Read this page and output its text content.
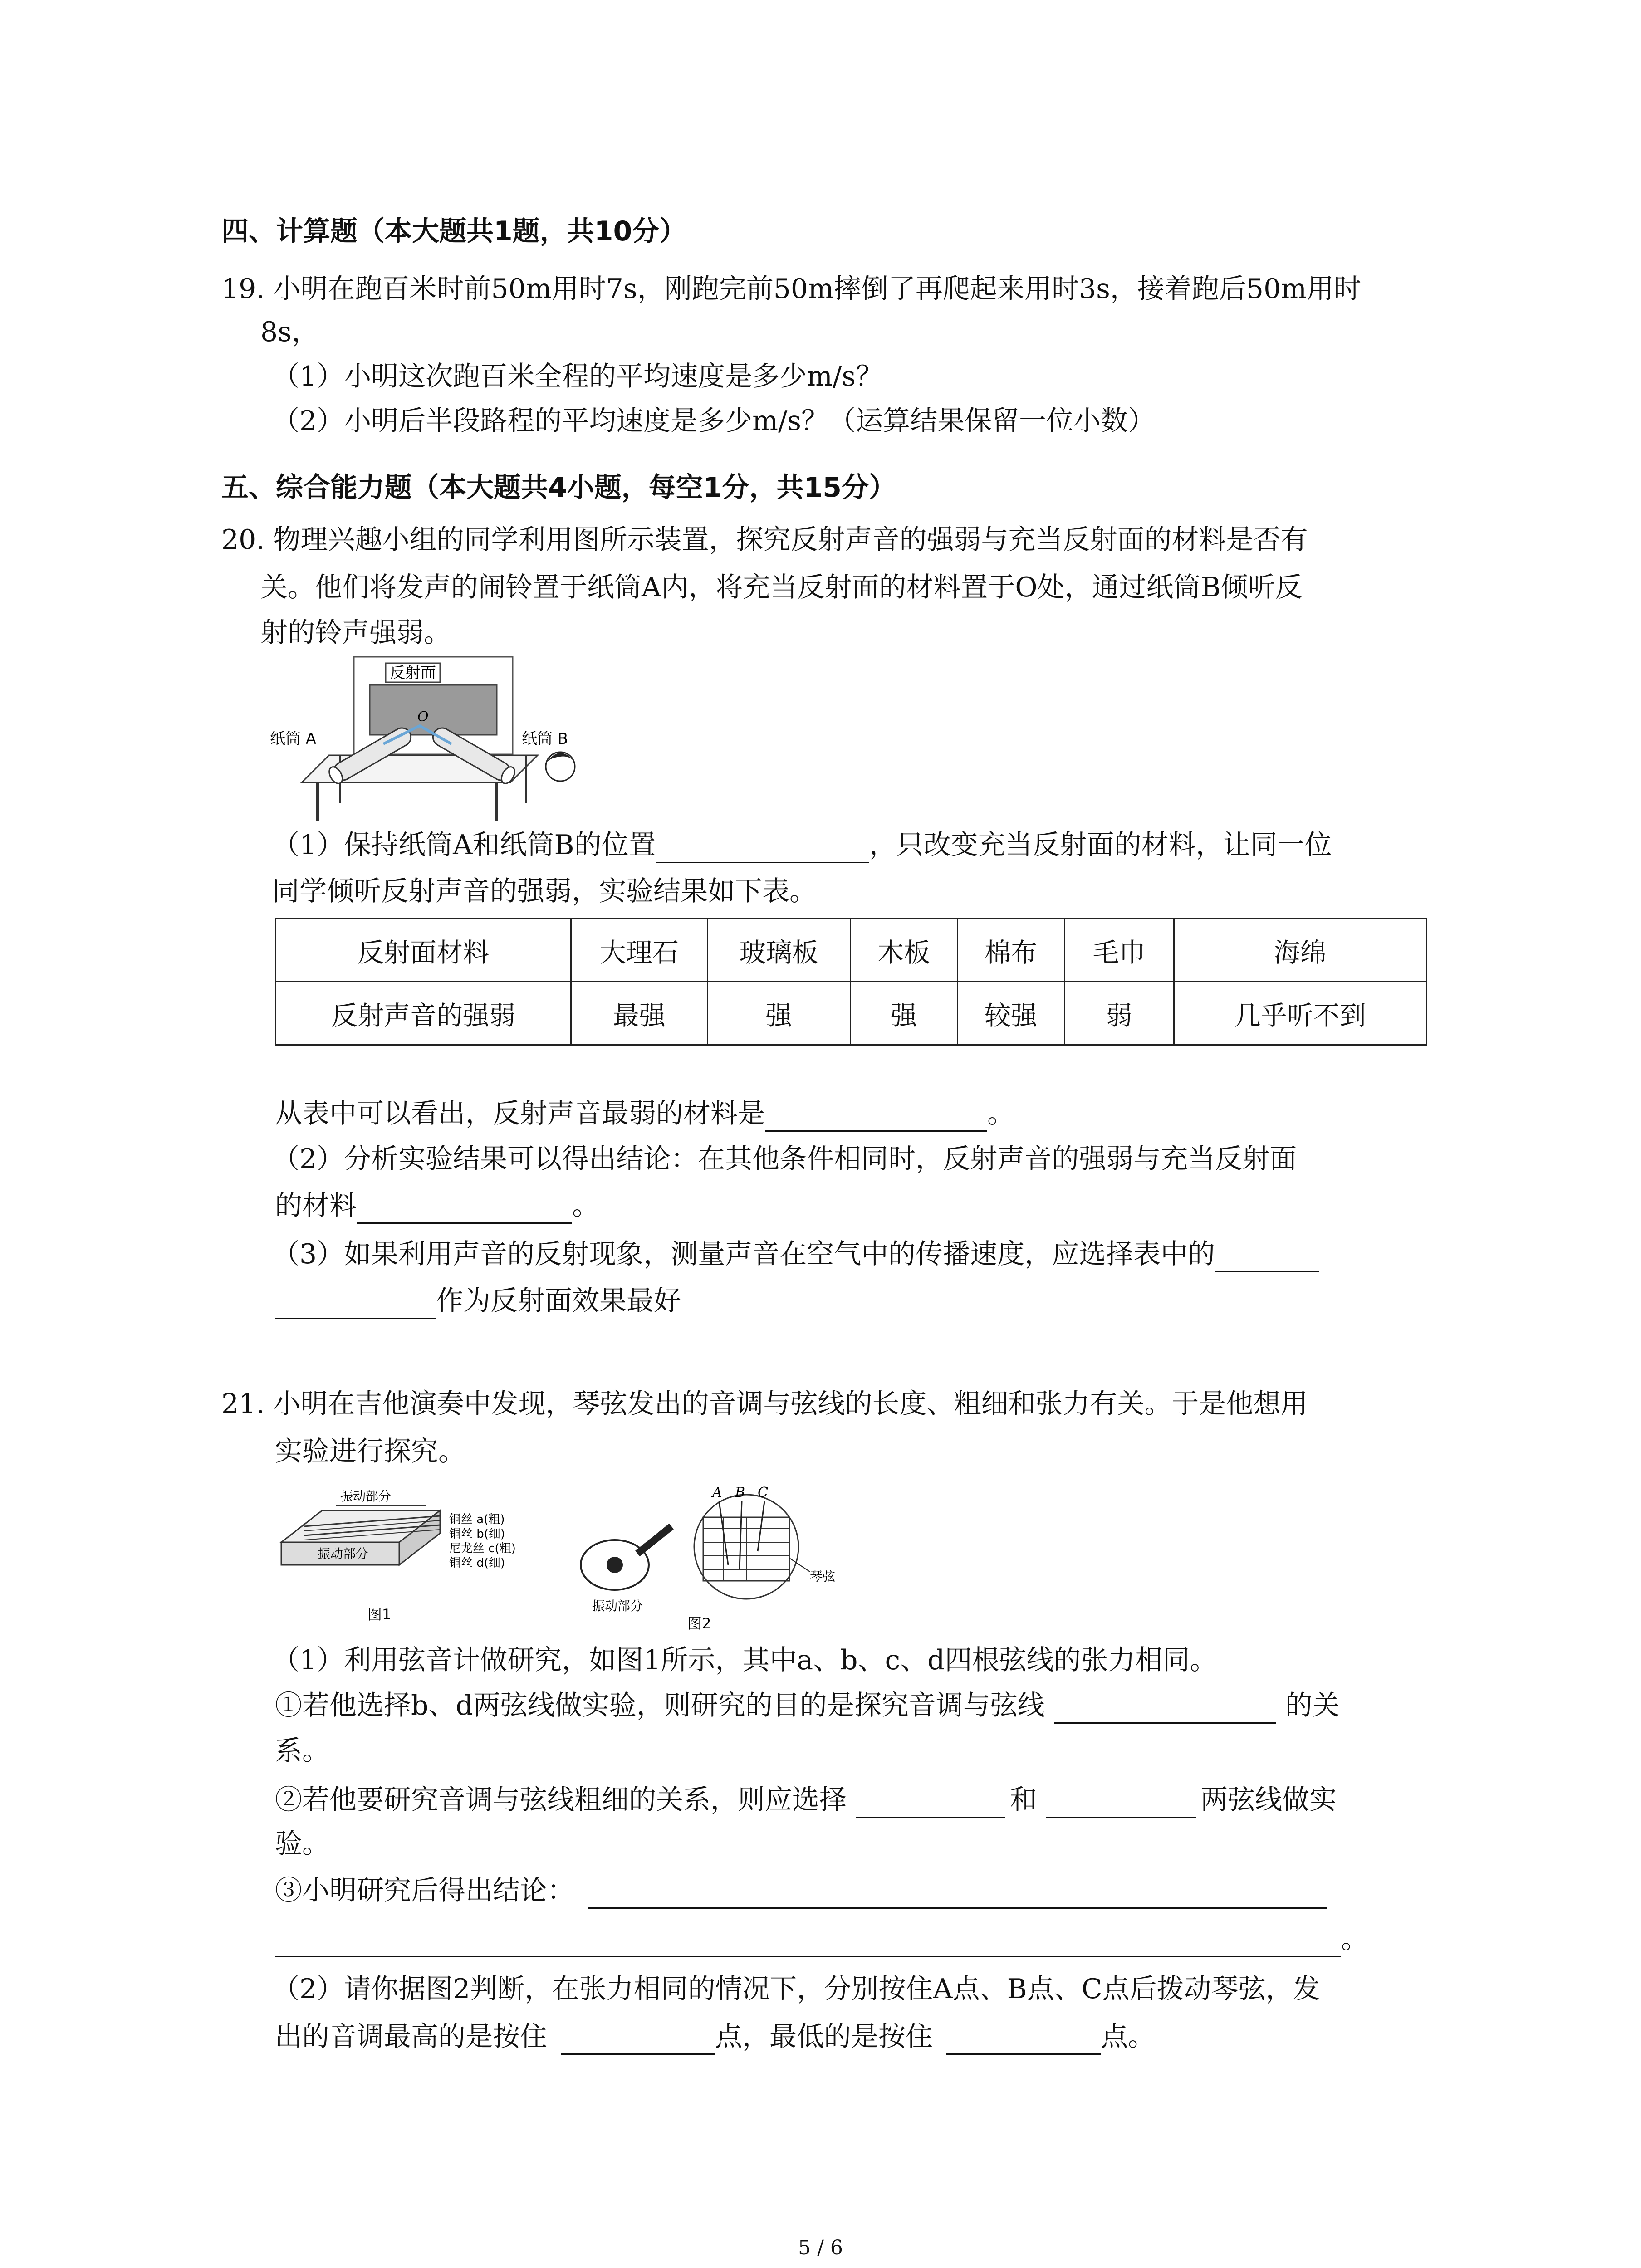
四、计算题（本大题共1题，共10分）
19. 小明在跑百米时前50m用时7s，刚跑完前50m摔倒了再爬起来用时3s，接着跑后50m用时
8s，
（1）小明这次跑百米全程的平均速度是多少m/s？
（2）小明后半段路程的平均速度是多少m/s？（运算结果保留一位小数）
五、综合能力题（本大题共4小题，每空1分，共15分）
20. 物理兴趣小组的同学利用图所示装置，探究反射声音的强弱与充当反射面的材料是否有
关。他们将发声的闹铃置于纸筒A内，将充当反射面的材料置于O处，通过纸筒B倾听反
射的铃声强弱。
反射面
O
纸筒 A	纸筒 B
（1）保持纸筒A和纸筒B的位置	，只改变充当反射面的材料，让同一位
同学倾听反射声音的强弱，实验结果如下表。
反射面材料	大理石	玻璃板	木板	棉布	毛巾	海绵
反射声音的强弱	最强	强	强	较强	弱	几乎听不到
从表中可以看出，反射声音最弱的材料是	。
（2）分析实验结果可以得出结论：在其他条件相同时，反射声音的强弱与充当反射面
的材料	。
（3）如果利用声音的反射现象，测量声音在空气中的传播速度，应选择表中的
作为反射面效果最好
21. 小明在吉他演奏中发现，琴弦发出的音调与弦线的长度、粗细和张力有关。于是他想用
实验进行探究。
振动部分
振动部分
铜丝 a(粗)
铜丝 b(细)
尼龙丝 c(粗)
铜丝 d(细)
图1	振动部分
A B C
琴弦
图2
（1）利用弦音计做研究，如图1所示，其中a、b、c、d四根弦线的张力相同。
①若他选择b、d两弦线做实验，则研究的目的是探究音调与弦线	的关
系。
②若他要研究音调与弦线粗细的关系，则应选择	和	两弦线做实
验。
③小明研究后得出结论：
。
（2）请你据图2判断，在张力相同的情况下，分别按住A点、B点、C点后拨动琴弦，发
出的音调最高的是按住	点，最低的是按住	点。
5 / 6
